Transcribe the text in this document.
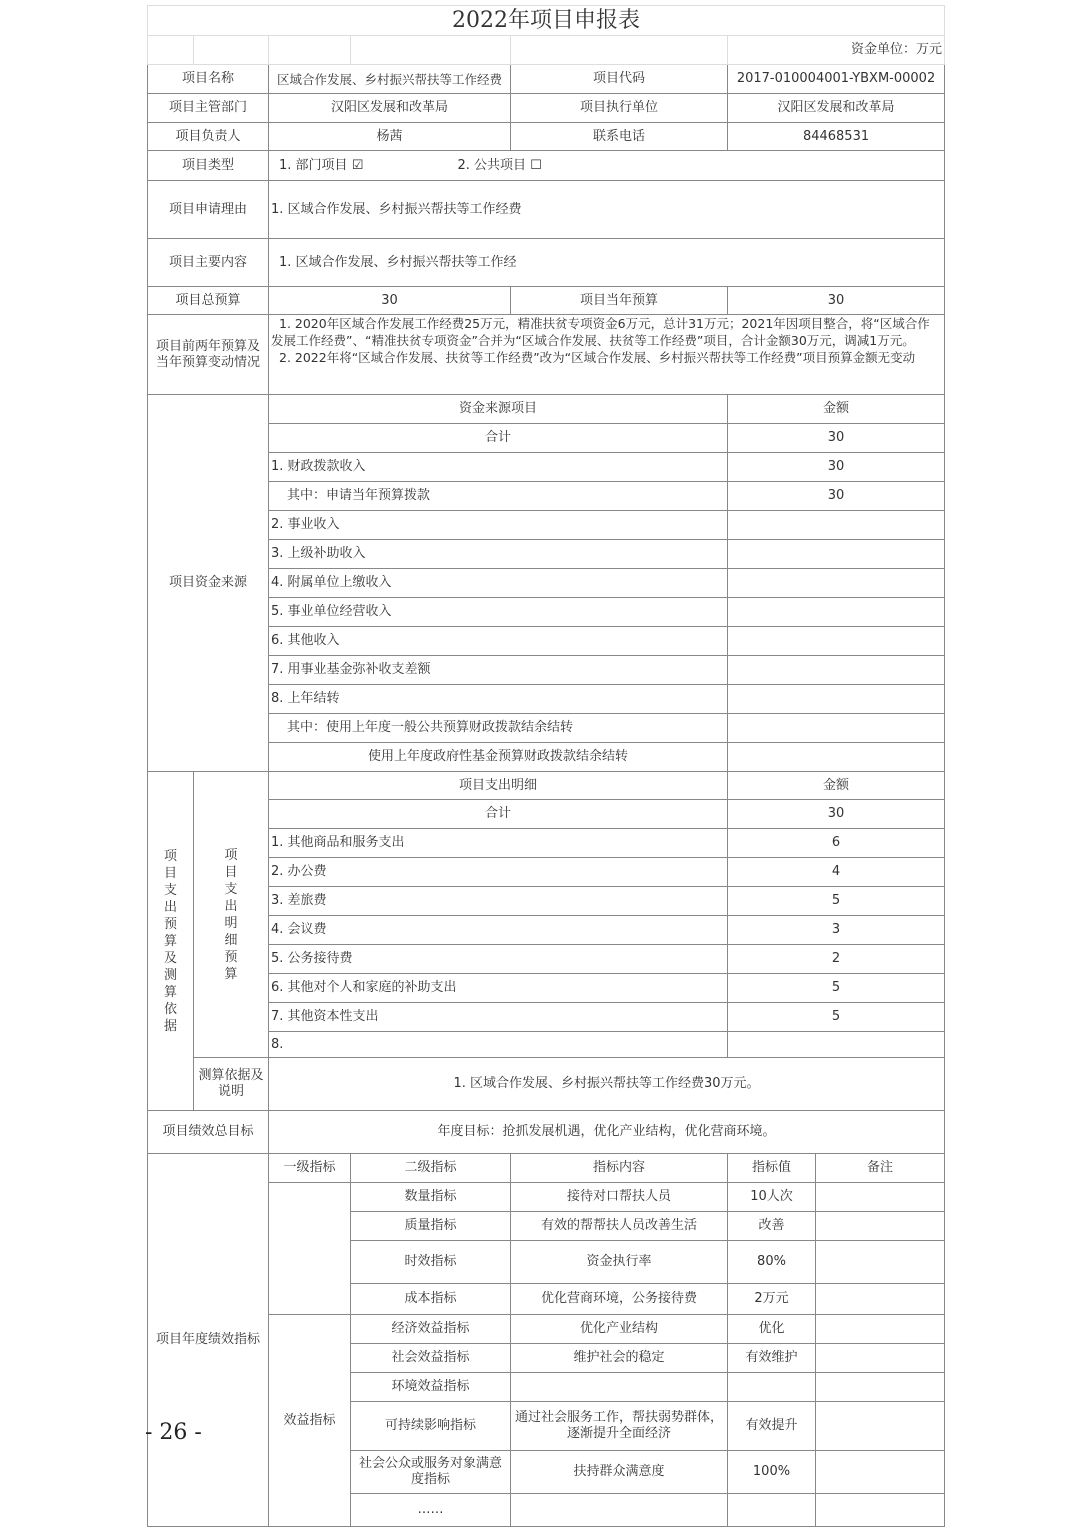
2022年项目申报表						
					资金单位：万元	
项目名称		区域合作发展、乡村振兴帮扶等工作经费		项目代码	2017-010004001-YBXM-00002	
项目主管部门		汉阳区发展和改革局		项目执行单位	汉阳区发展和改革局	
项目负责人		杨茜		联系电话	84468531	
项目类型		1. 部门项目 ☑ 2. 公共项目 ☐				
项目申请理由		1. 区域合作发展、乡村振兴帮扶等工作经费				
项目主要内容		1. 区域合作发展、乡村振兴帮扶等工作经				
项目总预算		30		项目当年预算	30	
项目前两年预算及当年预算变动情况		1. 2020年区域合作发展工作经费25万元，精准扶贫专项资金6万元，总计31万元；2021年因项目整合，将“区域合作发展工作经费”、“精准扶贫专项资金”合并为“区域合作发展、扶贫等工作经费”项目，合计金额30万元，调减1万元。
2. 2022年将“区域合作发展、扶贫等工作经费”改为“区域合作发展、乡村振兴帮扶等工作经费”项目预算金额无变动				

项目资金来源		资金来源项目			金额	
		合计			30	
		1. 财政拨款收入			30	
		其中：申请当年预算拨款			30	
		2. 事业收入				
		3. 上级补助收入				
		4. 附属单位上缴收入				
		5. 事业单位经营收入				
		6. 其他收入				
		7. 用事业基金弥补收支差额				
		8. 上年结转				
		其中：使用上年度一般公共预算财政拨款结余结转				
		使用上年度政府性基金预算财政拨款结余结转				
项目支出预算及测算依据	项目支出明细预算	项目支出明细			金额	
		合计			30	
		1. 其他商品和服务支出			6	
		2. 办公费			4	
		3. 差旅费			5	
		4. 会议费			3	
		5. 公务接待费			2	
		6. 其他对个人和家庭的补助支出			5	
		7. 其他资本性支出			5	
		8.				
	测算依据及说明	1. 区域合作发展、乡村振兴帮扶等工作经费30万元。				
项目绩效总目标		年度目标：抢抓发展机遇，优化产业结构，优化营商环境。				
项目年度绩效指标		一级指标	二级指标	指标内容	指标值	备注
			数量指标	接待对口帮扶人员	10人次	
			质量指标	有效的帮帮扶人员改善生活	改善	
			时效指标	资金执行率	80%	
			成本指标	优化营商环境，公务接待费	2万元	
		效益指标	经济效益指标	优化产业结构	优化	
			社会效益指标	维护社会的稳定	有效维护	
			环境效益指标			
			可持续影响指标	通过社会服务工作，帮扶弱势群体，逐渐提升全面经济	有效提升	
			社会公众或服务对象满意度指标	扶持群众满意度	100%	
			……			
- 26 -
